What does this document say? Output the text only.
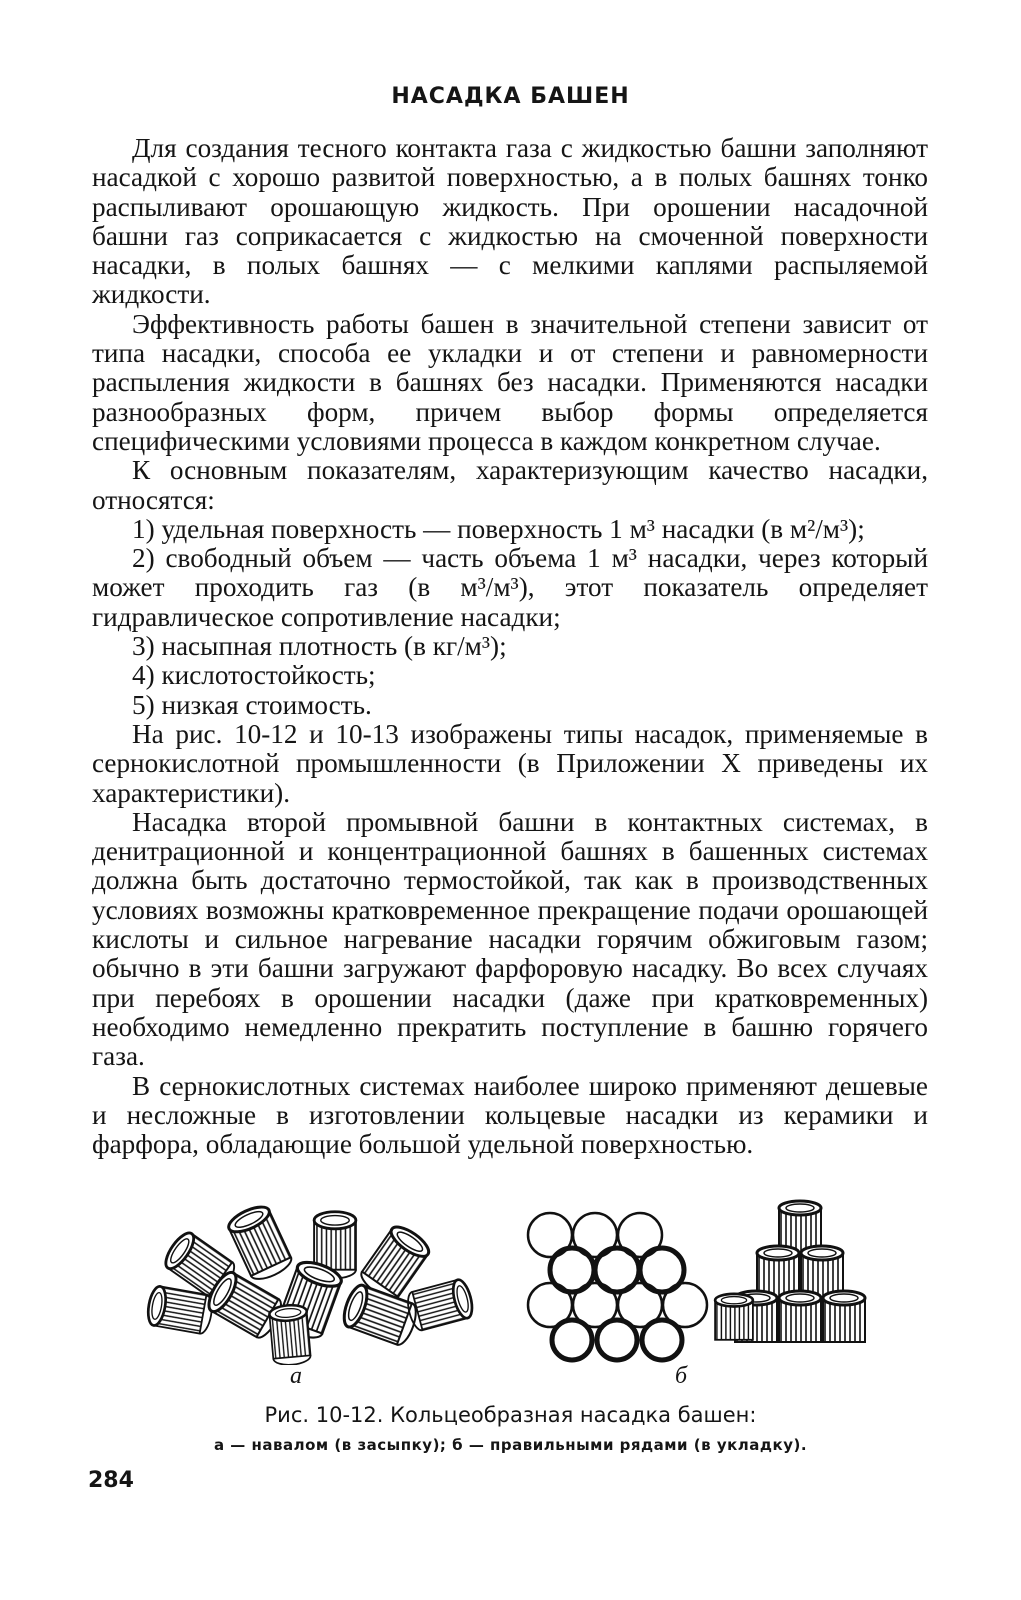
НАСАДКА БАШЕН

Для создания тесного контакта газа с жидкостью башни заполняют насадкой с хорошо развитой поверхностью, а в полых башнях тонко распыливают орошающую жидкость. При орошении насадочной башни газ соприкасается с жидкостью на смоченной поверхности насадки, в полых башнях — с мелкими каплями распыляемой жидкости.

Эффективность работы башен в значительной степени зависит от типа насадки, способа ее укладки и от степени и равномерности распыления жидкости в башнях без насадки. Применяются насадки разнообразных форм, причем выбор формы определяется специфическими условиями процесса в каждом конкретном случае.

К основным показателям, характеризующим качество насадки, относятся:

1) удельная поверхность — поверхность 1 м³ насадки (в м²/м³);

2) свободный объем — часть объема 1 м³ насадки, через который может проходить газ (в м³/м³), этот показатель определяет гидравлическое сопротивление насадки;

3) насыпная плотность (в кг/м³);

4) кислотостойкость;

5) низкая стоимость.

На рис. 10-12 и 10-13 изображены типы насадок, применяемые в сернокислотной промышленности (в Приложении X приведены их характеристики).

Насадка второй промывной башни в контактных системах, в денитрационной и концентрационной башнях в башенных системах должна быть достаточно термостойкой, так как в производственных условиях возможны кратковременное прекращение подачи орошающей кислоты и сильное нагревание насадки горячим обжиговым газом; обычно в эти башни загружают фарфоровую насадку. Во всех случаях при перебоях в орошении насадки (даже при кратковременных) необходимо немедленно прекратить поступление в башню горячего газа.

В сернокислотных системах наиболее широко применяют дешевые и несложные в изготовлении кольцевые насадки из керамики и фарфора, обладающие большой удельной поверхностью.

а	б
Рис. 10-12. Кольцеобразная насадка башен:
а — навалом (в засыпку); б — правильными рядами (в укладку).
284
